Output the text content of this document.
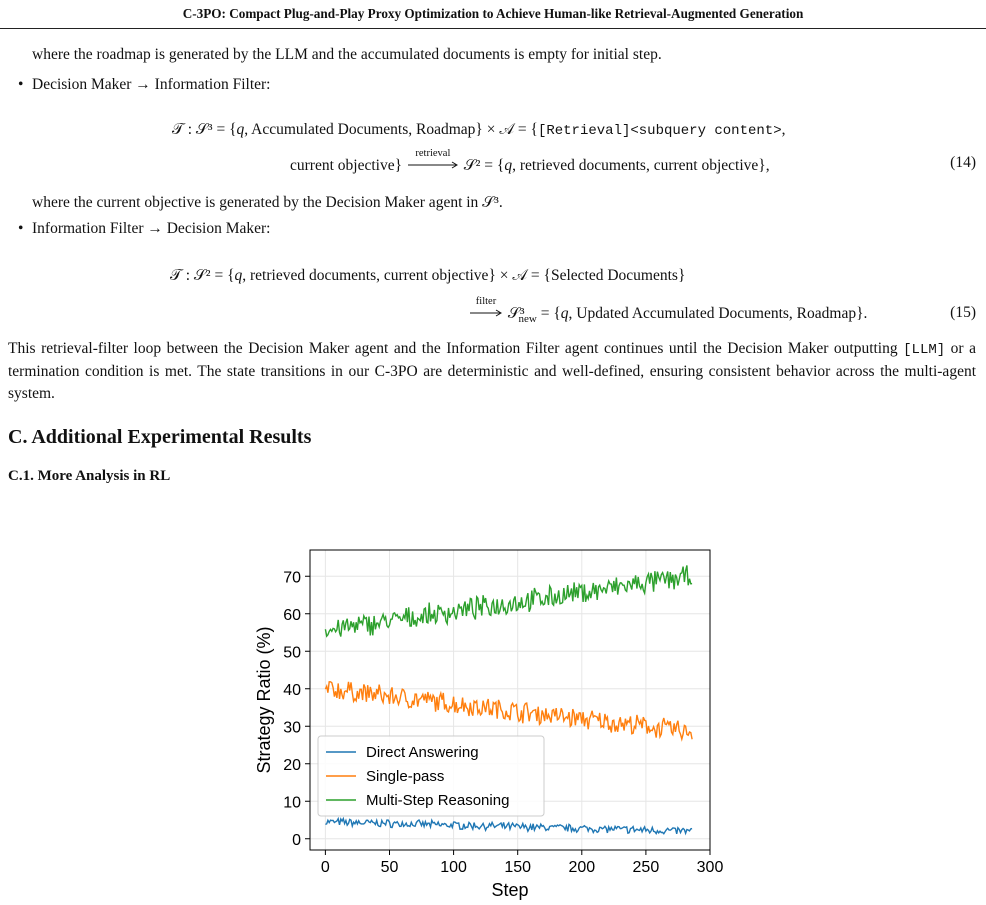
C-3PO: Compact Plug-and-Play Proxy Optimization to Achieve Human-like Retrieval-Augmented Generation
where the roadmap is generated by the LLM and the accumulated documents is empty for initial step.
• Decision Maker → Information Filter:
𝒯 : 𝒮³ = {q, Accumulated Documents, Roadmap} × 𝒜 = {[Retrieval]<subquery content>,
current objective}
retrieval
𝒮² = {q, retrieved documents, current objective},	(14)
where the current objective is generated by the Decision Maker agent in 𝒮³.
• Information Filter → Decision Maker:
𝒯 : 𝒮² = {q, retrieved documents, current objective} × 𝒜 = {Selected Documents}
filter
$𝒮^3_{new} = \{q$, Updated Accumulated Documents, Roadmap}.	(15)
This retrieval-filter loop between the Decision Maker agent and the Information Filter agent continues until the Decision Maker outputting [LLM] or a termination condition is met. The state transitions in our C-3PO are deterministic and well-defined, ensuring consistent behavior across the multi-agent system.
C. Additional Experimental Results
C.1. More Analysis in RL
0	50	100 150 200 250 300
0
10
20
30
40
50
60
70
Step
Strategy Ratio (%)	Direct Answering
Single-pass
Multi-Step Reasoning
